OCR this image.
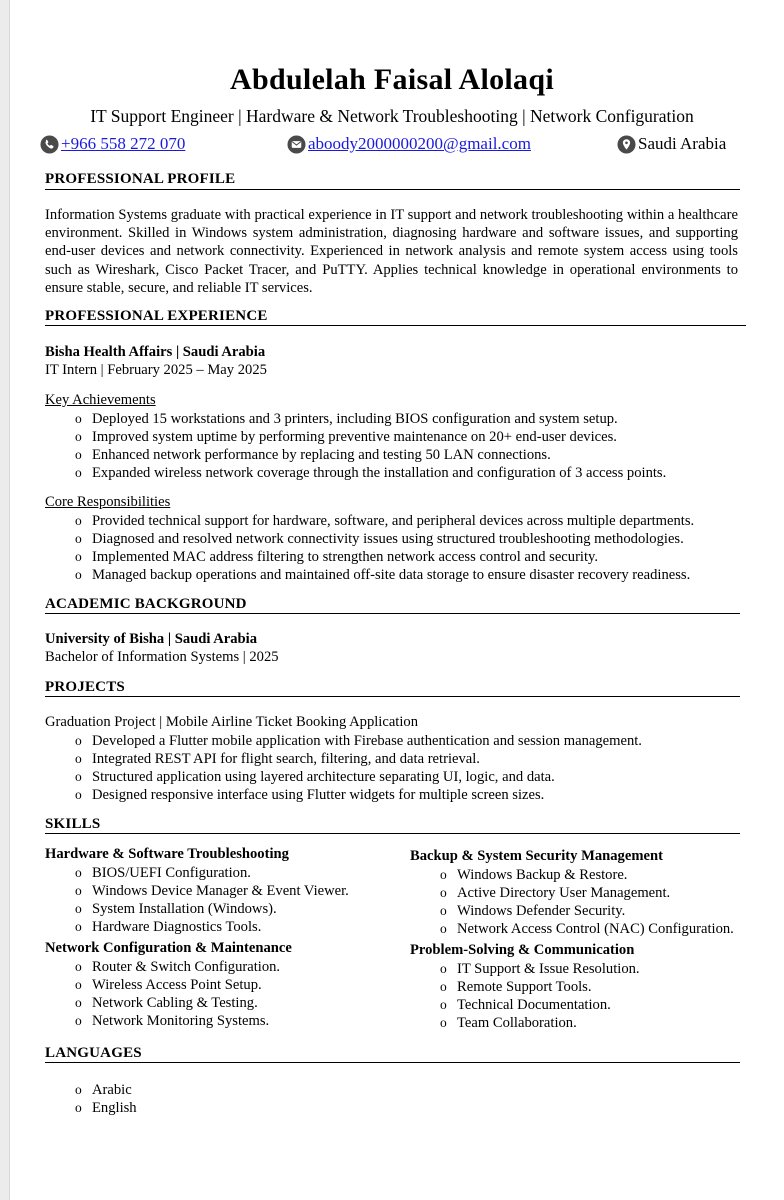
Abdulelah Faisal Alolaqi
IT Support Engineer | Hardware & Network Troubleshooting | Network Configuration
+966 558 272 070	aboody2000000200@gmail.com	Saudi Arabia
PROFESSIONAL PROFILE
Information Systems graduate with practical experience in IT support and network troubleshooting within a healthcare environment. Skilled in Windows system administration, diagnosing hardware and software issues, and supporting end-user devices and network connectivity. Experienced in network analysis and remote system access using tools such as Wireshark, Cisco Packet Tracer, and PuTTY. Applies technical knowledge in operational environments to ensure stable, secure, and reliable IT services.
PROFESSIONAL EXPERIENCE
Bisha Health Affairs | Saudi Arabia
IT Intern | February 2025 – May 2025
Key Achievements
o Deployed 15 workstations and 3 printers, including BIOS configuration and system setup.
o Improved system uptime by performing preventive maintenance on 20+ end-user devices.
o Enhanced network performance by replacing and testing 50 LAN connections.
o Expanded wireless network coverage through the installation and configuration of 3 access points.
Core Responsibilities
o Provided technical support for hardware, software, and peripheral devices across multiple departments.
o Diagnosed and resolved network connectivity issues using structured troubleshooting methodologies.
o Implemented MAC address filtering to strengthen network access control and security.
o Managed backup operations and maintained off-site data storage to ensure disaster recovery readiness.
ACADEMIC BACKGROUND
University of Bisha | Saudi Arabia
Bachelor of Information Systems | 2025
PROJECTS
Graduation Project | Mobile Airline Ticket Booking Application
o Developed a Flutter mobile application with Firebase authentication and session management.
o Integrated REST API for flight search, filtering, and data retrieval.
o Structured application using layered architecture separating UI, logic, and data.
o Designed responsive interface using Flutter widgets for multiple screen sizes.
SKILLS
Hardware & Software Troubleshooting
o BIOS/UEFI Configuration.
o Windows Device Manager & Event Viewer.
o System Installation (Windows).
o Hardware Diagnostics Tools.
Network Configuration & Maintenance
o Router & Switch Configuration.
o Wireless Access Point Setup.
o Network Cabling & Testing.
o Network Monitoring Systems.
Backup & System Security Management
o Windows Backup & Restore.
o Active Directory User Management.
o Windows Defender Security.
o Network Access Control (NAC) Configuration.
Problem-Solving & Communication
o IT Support & Issue Resolution.
o Remote Support Tools.
o Technical Documentation.
o Team Collaboration.
LANGUAGES
o Arabic
o English
